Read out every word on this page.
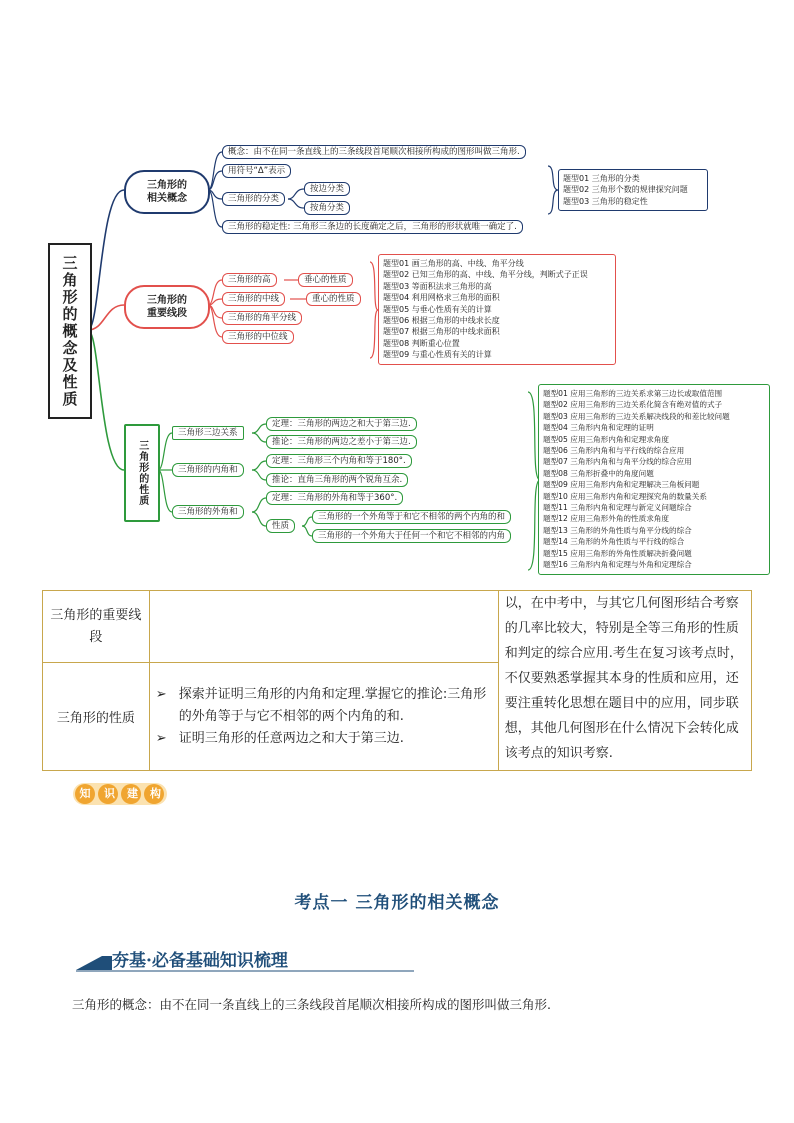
三角形的概念及性质
三角形的
相关概念
概念：由不在同一条直线上的三条线段首尾顺次相接所构成的图形叫做三角形.
用符号“Δ”表示
三角形的分类
按边分类
按角分类
三角形的稳定性: 三角形三条边的长度确定之后，三角形的形状就唯一确定了.
题型01 三角形的分类
题型02 三角形个数的规律探究问题
题型03 三角形的稳定性
三角形的
重要线段
三角形的高	垂心的性质
三角形的中线	重心的性质
三角形的角平分线
三角形的中位线
题型01 画三角形的高、中线、角平分线
题型02 已知三角形的高、中线、角平分线，判断式子正误
题型03 等面积法求三角形的高
题型04 利用网格求三角形的面积
题型05 与垂心性质有关的计算
题型06 根据三角形的中线求长度
题型07 根据三角形的中线求面积
题型08 判断重心位置
题型09 与重心性质有关的计算
三角形的性质
三角形三边关系
定理：三角形的两边之和大于第三边.
推论：三角形的两边之差小于第三边.
三角形的内角和
定理：三角形三个内角和等于180°.
推论：直角三角形的两个锐角互余.
三角形的外角和
定理：三角形的外角和等于360°.
性质
三角形的一个外角等于和它不相邻的两个内角的和
三角形的一个外角大于任何一个和它不相邻的内角
题型01 应用三角形的三边关系求第三边长或取值范围
题型02 应用三角形的三边关系化简含有绝对值的式子
题型03 应用三角形的三边关系解决线段的和差比较问题
题型04 三角形内角和定理的证明
题型05 应用三角形内角和定理求角度
题型06 三角形内角和与平行线的综合应用
题型07 三角形内角和与角平分线的综合应用
题型08 三角形折叠中的角度问题
题型09 应用三角形内角和定理解决三角板问题
题型10 应用三角形内角和定理探究角的数量关系
题型11 三角形内角和定理与新定义问题综合
题型12 应用三角形外角的性质求角度
题型13 三角形的外角性质与角平分线的综合
题型14 三角形的外角性质与平行线的综合
题型15 应用三角形的外角性质解决折叠问题
题型16 三角形内角和定理与外角和定理综合
三角形的重要线段		以，在中考中，与其它几何图形结合考察的几率比较大，特别是全等三角形的性质和判定的综合应用.考生在复习该考点时，不仅要熟悉掌握其本身的性质和应用，还要注重转化思想在题目中的应用，同步联想，其他几何图形在什么情况下会转化成该考点的知识考察.
三角形的性质	➢ 探索并证明三角形的内角和定理.掌握它的推论:三角形的外角等于与它不相邻的两个内角的和.
➢ 证明三角形的任意两边之和大于第三边.	
知	识	建	构
考点一 三角形的相关概念
夯基·必备基础知识梳理
三角形的概念：由不在同一条直线上的三条线段首尾顺次相接所构成的图形叫做三角形.
